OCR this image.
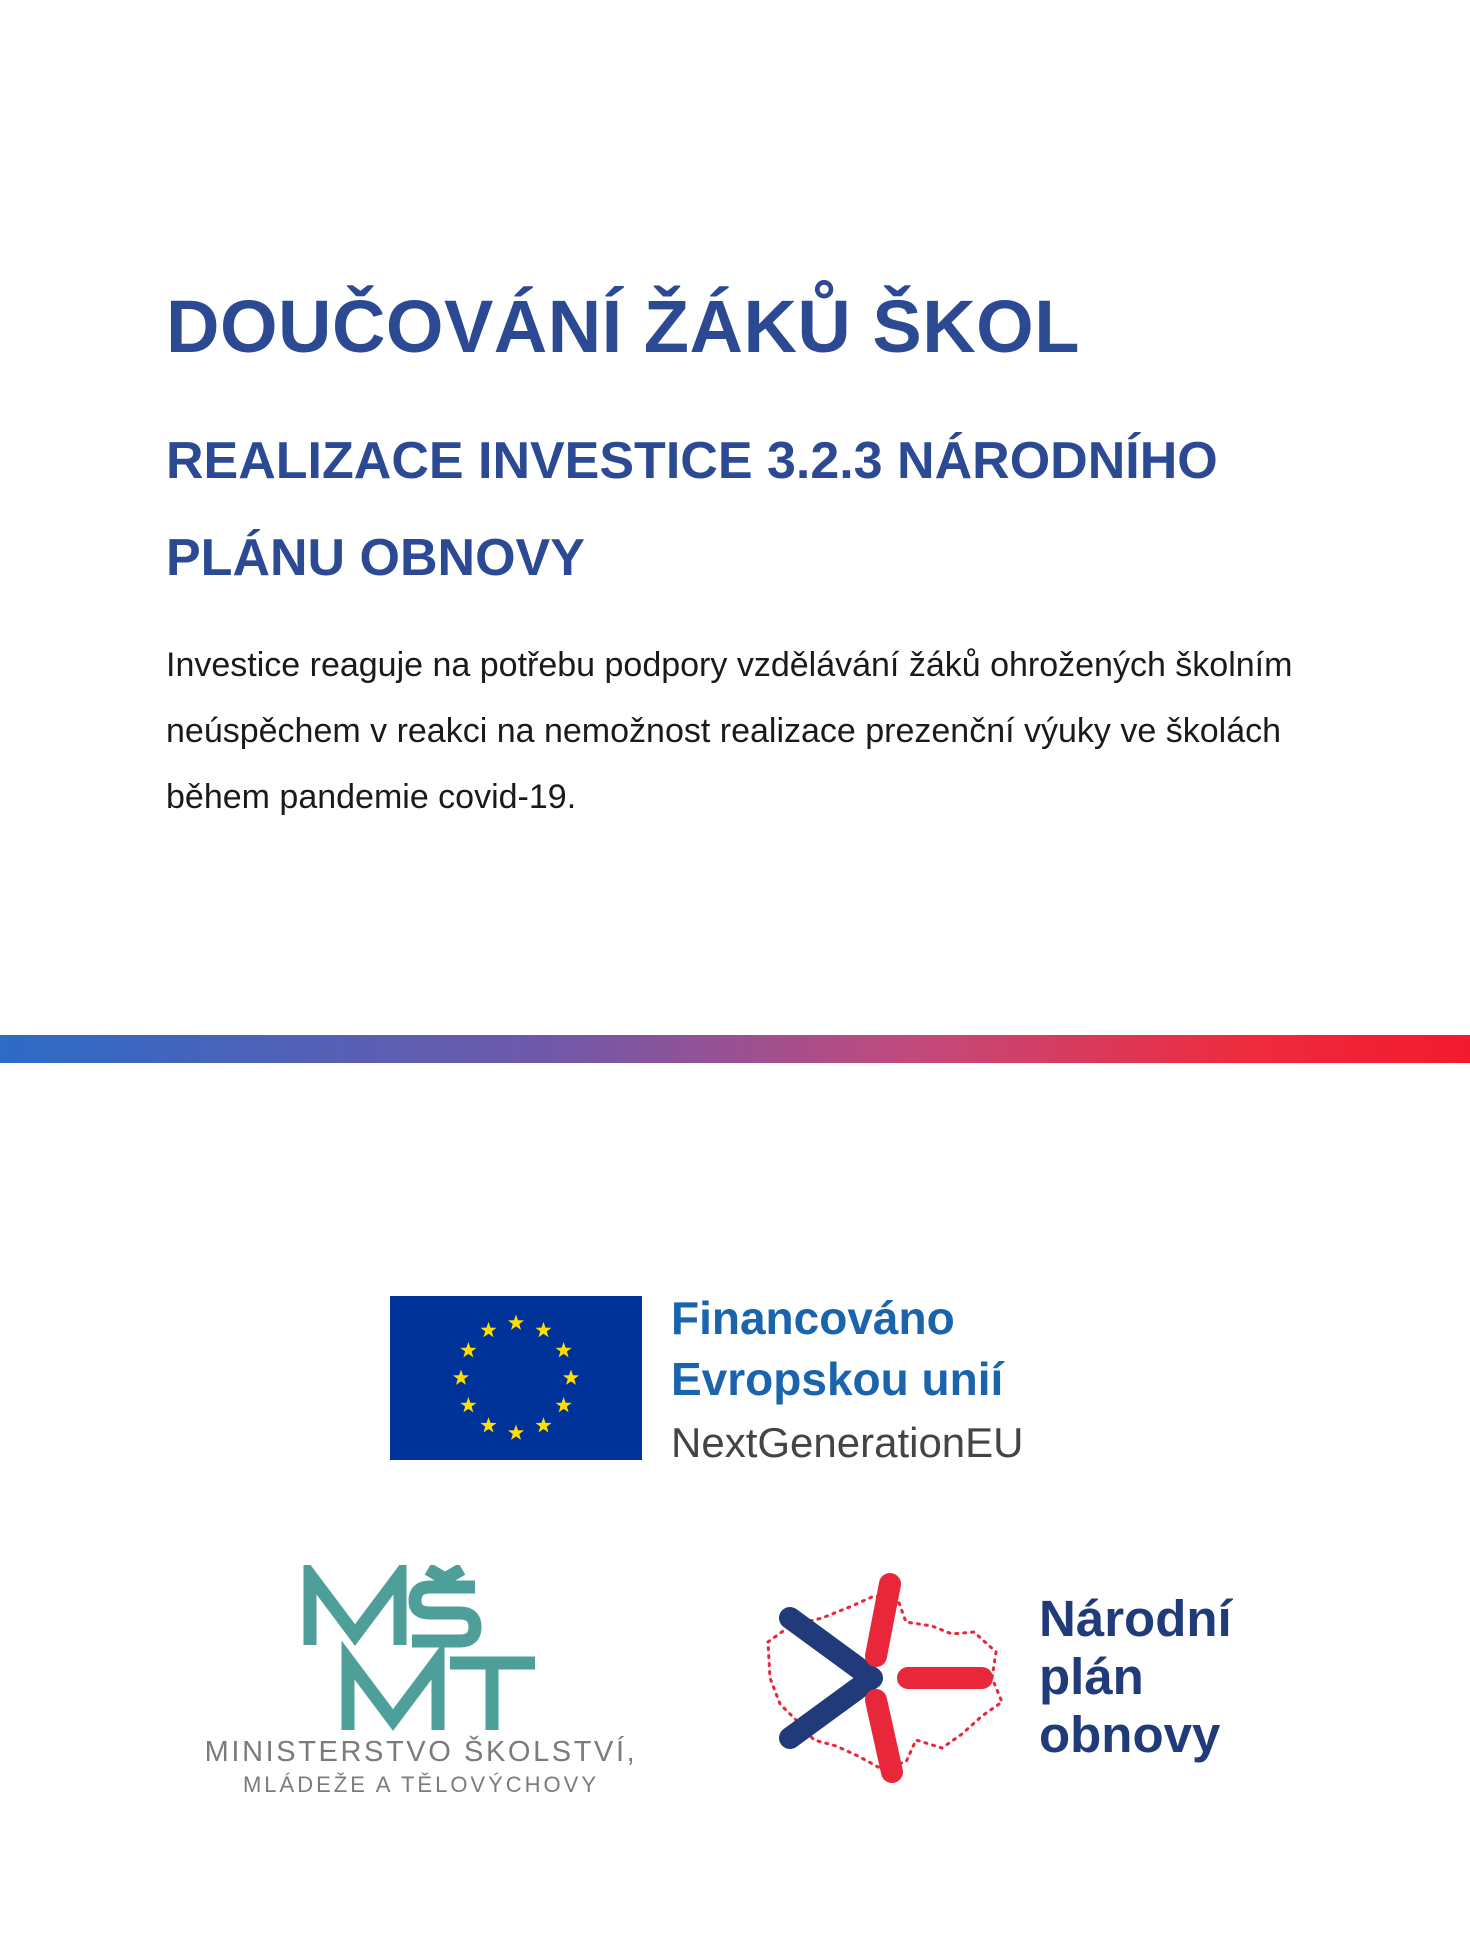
DOUČOVÁNÍ ŽÁKŮ ŠKOL
REALIZACE INVESTICE 3.2.3 NÁRODNÍHO PLÁNU OBNOVY

Investice reaguje na potřebu podpory vzdělávání žáků ohrožených školním neúspěchem v reakci na nemožnost realizace prezenční výuky ve školách během pandemie covid-19.

Financováno
Evropskou unií
NextGenerationEU
MINISTERSTVO ŠKOLSTVÍ,
MLÁDEŽE A TĚLOVÝCHOVY
Národní
plán
obnovy
